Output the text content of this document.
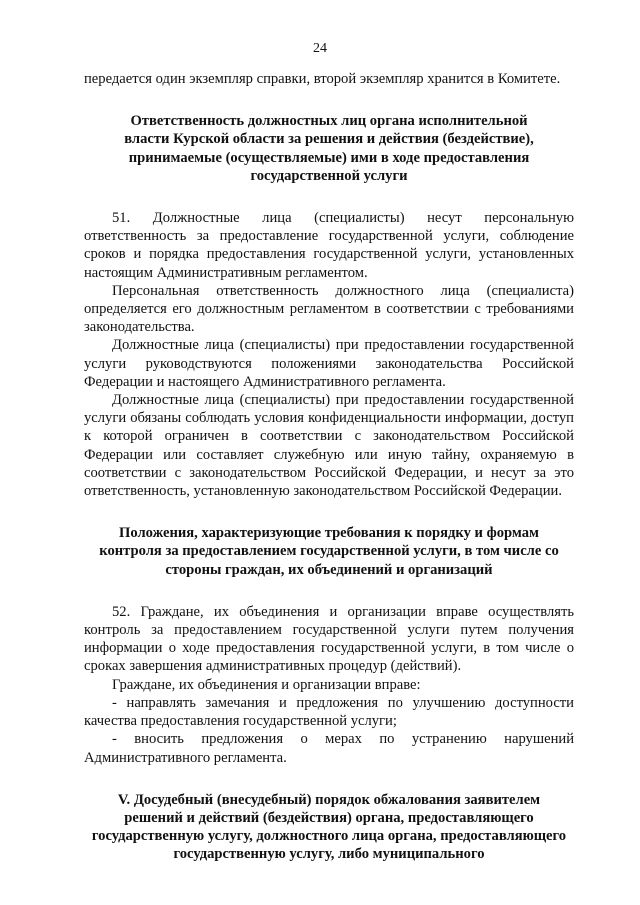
24

передается один экземпляр справки, второй экземпляр хранится в Комитете.

Ответственность должностных лиц органа исполнительной власти Курской области за решения и действия (бездействие), принимаемые (осуществляемые) ими в ходе предоставления государственной услуги

51. Должностные лица (специалисты) несут персональную ответственность за предоставление государственной услуги, соблюдение сроков и порядка предоставления государственной услуги, установленных настоящим Административным регламентом.

Персональная ответственность должностного лица (специалиста) определяется его должностным регламентом в соответствии с требованиями законодательства.

Должностные лица (специалисты) при предоставлении государственной услуги руководствуются положениями законодательства Российской Федерации и настоящего Административного регламента.

Должностные лица (специалисты) при предоставлении государственной услуги обязаны соблюдать условия конфиденциальности информации, доступ к которой ограничен в соответствии с законодательством Российской Федерации или составляет служебную или иную тайну, охраняемую в соответствии с законодательством Российской Федерации, и несут за это ответственность, установленную законодательством Российской Федерации.

Положения, характеризующие требования к порядку и формам контроля за предоставлением государственной услуги, в том числе со стороны граждан, их объединений и организаций

52. Граждане, их объединения и организации вправе осуществлять контроль за предоставлением государственной услуги путем получения информации о ходе предоставления государственной услуги, в том числе о сроках завершения административных процедур (действий).

Граждане, их объединения и организации вправе:

- направлять замечания и предложения по улучшению доступности качества предоставления государственной услуги;

- вносить предложения о мерах по устранению нарушений Административного регламента.

V. Досудебный (внесудебный) порядок обжалования заявителем решений и действий (бездействия) органа, предоставляющего государственную услугу, должностного лица органа, предоставляющего государственную услугу, либо муниципального
